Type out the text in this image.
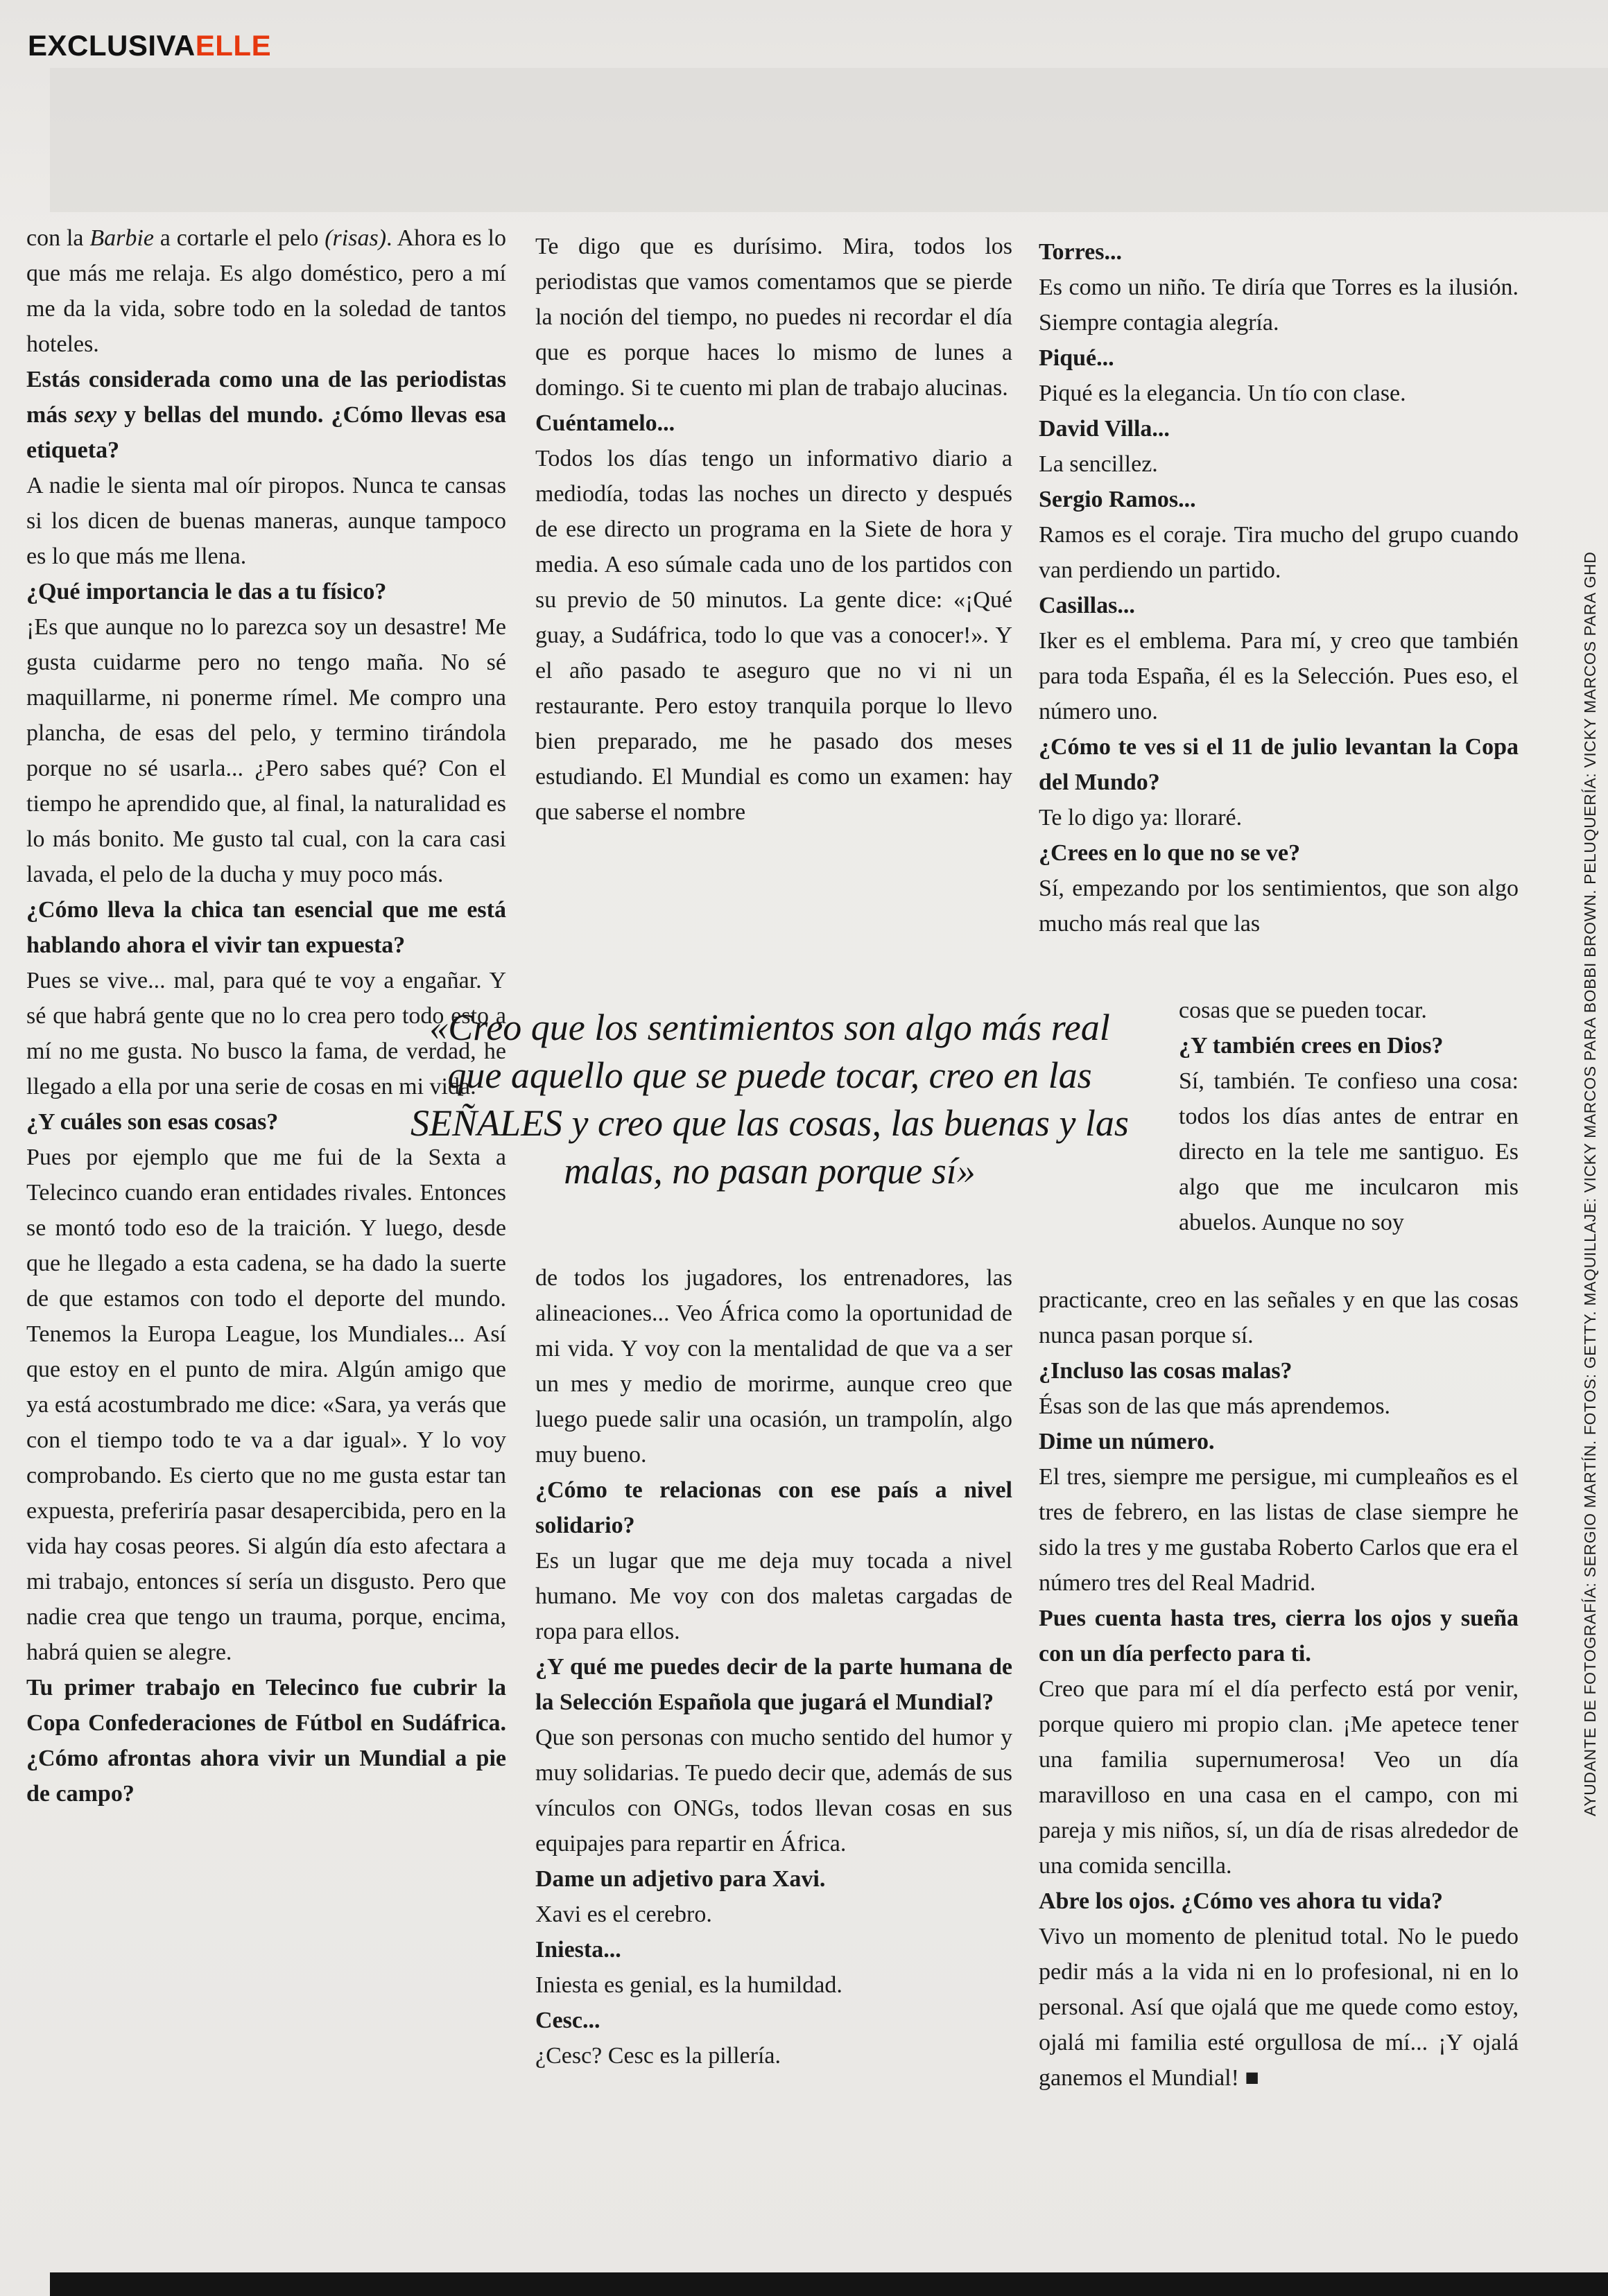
EXCLUSIVAELLE

con la Barbie a cortarle el pelo (risas). Ahora es lo que más me relaja. Es algo doméstico, pero a mí me da la vida, sobre todo en la soledad de tantos hoteles.

Estás considerada como una de las periodistas más sexy y bellas del mundo. ¿Cómo llevas esa etiqueta?

A nadie le sienta mal oír piropos. Nunca te cansas si los dicen de buenas maneras, aunque tampoco es lo que más me llena.

¿Qué importancia le das a tu físico?

¡Es que aunque no lo parezca soy un desastre! Me gusta cuidarme pero no tengo maña. No sé maquillarme, ni ponerme rímel. Me compro una plancha, de esas del pelo, y termino tirándola porque no sé usarla... ¿Pero sabes qué? Con el tiempo he aprendido que, al final, la naturalidad es lo más bonito. Me gusto tal cual, con la cara casi lavada, el pelo de la ducha y muy poco más.

¿Cómo lleva la chica tan esencial que me está hablando ahora el vivir tan expuesta?

Pues se vive... mal, para qué te voy a engañar. Y sé que habrá gente que no lo crea pero todo esto a mí no me gusta. No busco la fama, de verdad, he llegado a ella por una serie de cosas en mi vida.

¿Y cuáles son esas cosas?

Pues por ejemplo que me fui de la Sexta a Telecinco cuando eran entidades rivales. Entonces se montó todo eso de la traición. Y luego, desde que he llegado a esta cadena, se ha dado la suerte de que estamos con todo el deporte del mundo. Tenemos la Europa League, los Mundiales... Así que estoy en el punto de mira. Algún amigo que ya está acostumbrado me dice: «Sara, ya verás que con el tiempo todo te va a dar igual». Y lo voy comprobando. Es cierto que no me gusta estar tan expuesta, preferiría pasar desapercibida, pero en la vida hay cosas peores. Si algún día esto afectara a mi trabajo, entonces sí sería un disgusto. Pero que nadie crea que tengo un trauma, porque, encima, habrá quien se alegre.

Tu primer trabajo en Telecinco fue cubrir la Copa Confederaciones de Fútbol en Sudáfrica. ¿Cómo afrontas ahora vivir un Mundial a pie de campo?

Te digo que es durísimo. Mira, todos los periodistas que vamos comentamos que se pierde la noción del tiempo, no puedes ni recordar el día que es porque haces lo mismo de lunes a domingo. Si te cuento mi plan de trabajo alucinas.

Cuéntamelo...

Todos los días tengo un informativo diario a mediodía, todas las noches un directo y después de ese directo un programa en la Siete de hora y media. A eso súmale cada uno de los partidos con su previo de 50 minutos. La gente dice: «¡Qué guay, a Sudáfrica, todo lo que vas a conocer!». Y el año pasado te aseguro que no vi ni un restaurante. Pero estoy tranquila porque lo llevo bien preparado, me he pasado dos meses estudiando. El Mundial es como un examen: hay que saberse el nombre

«Creo que los sentimientos son algo más real que aquello que se puede tocar, creo en las SEÑALES y creo que las cosas, las buenas y las malas, no pasan porque sí»

de todos los jugadores, los entrenadores, las alineaciones... Veo África como la oportunidad de mi vida. Y voy con la mentalidad de que va a ser un mes y medio de morirme, aunque creo que luego puede salir una ocasión, un trampolín, algo muy bueno.

¿Cómo te relacionas con ese país a nivel solidario?

Es un lugar que me deja muy tocada a nivel humano. Me voy con dos maletas cargadas de ropa para ellos.

¿Y qué me puedes decir de la parte humana de la Selección Española que jugará el Mundial?

Que son personas con mucho sentido del humor y muy solidarias. Te puedo decir que, además de sus vínculos con ONGs, todos llevan cosas en sus equipajes para repartir en África.

Dame un adjetivo para Xavi.

Xavi es el cerebro.

Iniesta...

Iniesta es genial, es la humildad.

Cesc...

¿Cesc? Cesc es la pillería.

Torres...

Es como un niño. Te diría que Torres es la ilusión. Siempre contagia alegría.

Piqué...

Piqué es la elegancia. Un tío con clase.

David Villa...

La sencillez.

Sergio Ramos...

Ramos es el coraje. Tira mucho del grupo cuando van perdiendo un partido.

Casillas...

Iker es el emblema. Para mí, y creo que también para toda España, él es la Selección. Pues eso, el número uno.

¿Cómo te ves si el 11 de julio levantan la Copa del Mundo?

Te lo digo ya: lloraré.

¿Crees en lo que no se ve?

Sí, empezando por los sentimientos, que son algo mucho más real que las

cosas que se pueden tocar.

¿Y también crees en Dios?

Sí, también. Te confieso una cosa: todos los días antes de entrar en directo en la tele me santiguo. Es algo que me inculcaron mis abuelos. Aunque no soy

practicante, creo en las señales y en que las cosas nunca pasan porque sí.

¿Incluso las cosas malas?

Ésas son de las que más aprendemos.

Dime un número.

El tres, siempre me persigue, mi cumpleaños es el tres de febrero, en las listas de clase siempre he sido la tres y me gustaba Roberto Carlos que era el número tres del Real Madrid.

Pues cuenta hasta tres, cierra los ojos y sueña con un día perfecto para ti.

Creo que para mí el día perfecto está por venir, porque quiero mi propio clan. ¡Me apetece tener una familia supernumerosa! Veo un día maravilloso en una casa en el campo, con mi pareja y mis niños, sí, un día de risas alrededor de una comida sencilla.

Abre los ojos. ¿Cómo ves ahora tu vida?

Vivo un momento de plenitud total. No le puedo pedir más a la vida ni en lo profesional, ni en lo personal. Así que ojalá que me quede como estoy, ojalá mi familia esté orgullosa de mí... ¡Y ojalá ganemos el Mundial! ■

AYUDANTE DE FOTOGRAFÍA: SERGIO MARTÍN. FOTOS: GETTY. MAQUILLAJE: VICKY MARCOS PARA BOBBI BROWN. PELUQUERÍA: VICKY MARCOS PARA GHD
